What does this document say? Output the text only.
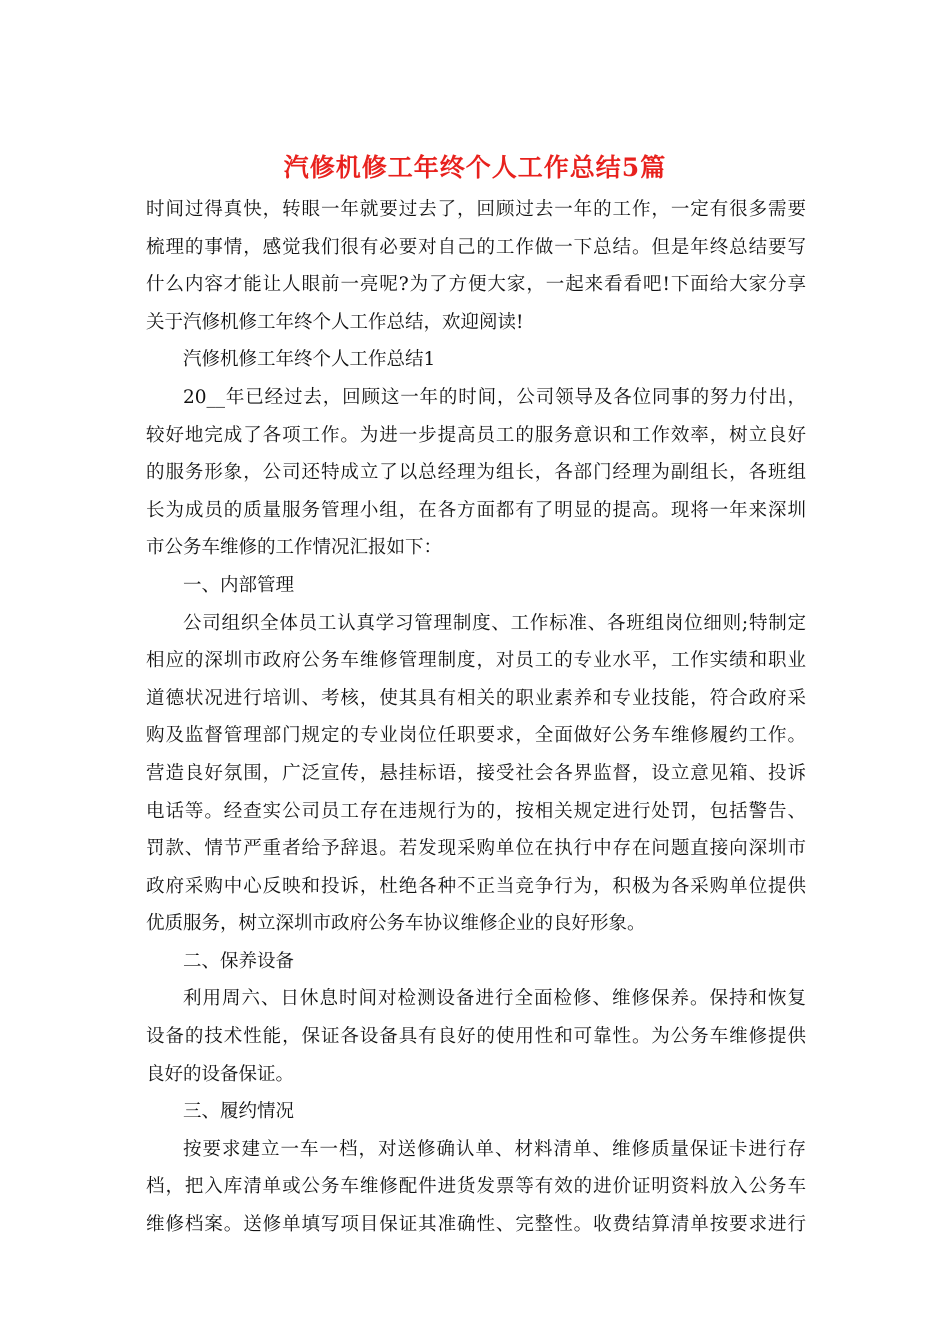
汽修机修工年终个人工作总结5篇
时间过得真快，转眼一年就要过去了，回顾过去一年的工作，一定有很多需要
梳理的事情，感觉我们很有必要对自己的工作做一下总结。但是年终总结要写
什么内容才能让人眼前一亮呢?为了方便大家，一起来看看吧!下面给大家分享
关于汽修机修工年终个人工作总结，欢迎阅读!
汽修机修工年终个人工作总结1
20__年已经过去，回顾这一年的时间，公司领导及各位同事的努力付出，
较好地完成了各项工作。为进一步提高员工的服务意识和工作效率，树立良好
的服务形象，公司还特成立了以总经理为组长，各部门经理为副组长，各班组
长为成员的质量服务管理小组，在各方面都有了明显的提高。现将一年来深圳
市公务车维修的工作情况汇报如下：
一、内部管理
公司组织全体员工认真学习管理制度、工作标准、各班组岗位细则;特制定
相应的深圳市政府公务车维修管理制度，对员工的专业水平，工作实绩和职业
道德状况进行培训、考核，使其具有相关的职业素养和专业技能，符合政府采
购及监督管理部门规定的专业岗位任职要求，全面做好公务车维修履约工作。
营造良好氛围，广泛宣传，悬挂标语，接受社会各界监督，设立意见箱、投诉
电话等。经查实公司员工存在违规行为的，按相关规定进行处罚，包括警告、
罚款、情节严重者给予辞退。若发现采购单位在执行中存在问题直接向深圳市
政府采购中心反映和投诉，杜绝各种不正当竞争行为，积极为各采购单位提供
优质服务，树立深圳市政府公务车协议维修企业的良好形象。
二、保养设备
利用周六、日休息时间对检测设备进行全面检修、维修保养。保持和恢复
设备的技术性能，保证各设备具有良好的使用性和可靠性。为公务车维修提供
良好的设备保证。
三、履约情况
按要求建立一车一档，对送修确认单、材料清单、维修质量保证卡进行存
档，把入库清单或公务车维修配件进货发票等有效的进价证明资料放入公务车
维修档案。送修单填写项目保证其准确性、完整性。收费结算清单按要求进行
